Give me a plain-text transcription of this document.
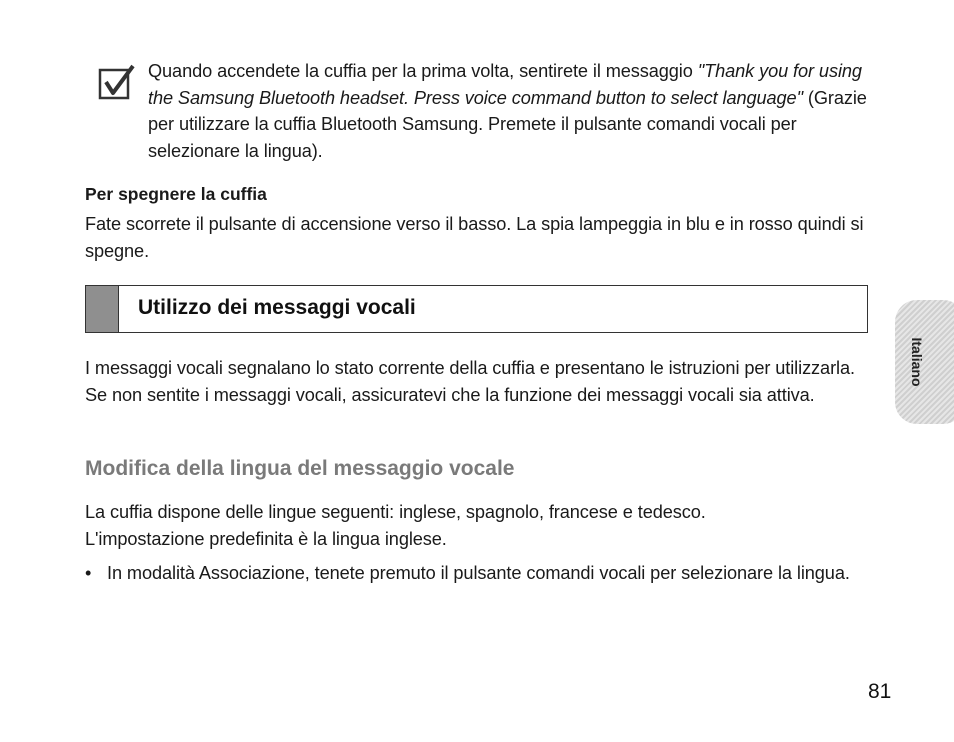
Quando accendete la cuffia per la prima volta, sentirete il messaggio "Thank you for using the Samsung Bluetooth headset. Press voice command button to select language" (Grazie per utilizzare la cuffia Bluetooth Samsung. Premete il pulsante comandi vocali per selezionare la lingua).
Per spegnere la cuffia
Fate scorrete il pulsante di accensione verso il basso. La spia lampeggia in blu e in rosso quindi si spegne.
Utilizzo dei messaggi vocali
I messaggi vocali segnalano lo stato corrente della cuffia e presentano le istruzioni per utilizzarla. Se non sentite i messaggi vocali, assicuratevi che la funzione dei messaggi vocali sia attiva.
Modifica della lingua del messaggio vocale
La cuffia dispone delle lingue seguenti: inglese, spagnolo, francese e tedesco.
L'impostazione predefinita è la lingua inglese.
• In modalità Associazione, tenete premuto il pulsante comandi vocali per selezionare la lingua.
Italiano
81
